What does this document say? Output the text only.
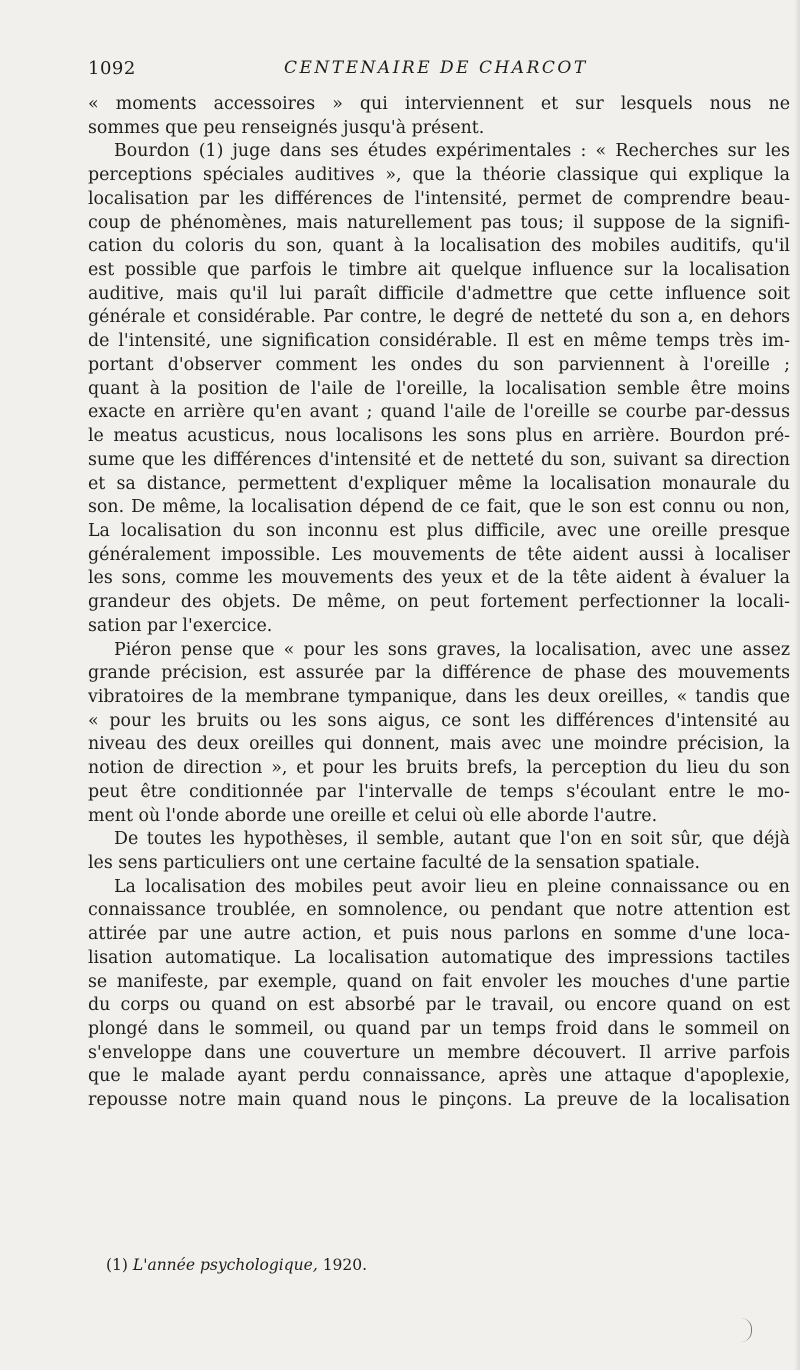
1092	CENTENAIRE DE CHARCOT
« moments accessoires » qui interviennent et sur lesquels nous ne
sommes que peu renseignés jusqu'à présent.
Bourdon (1) juge dans ses études expérimentales : « Recherches sur les
perceptions spéciales auditives », que la théorie classique qui explique la
localisation par les différences de l'intensité, permet de comprendre beau-
coup de phénomènes, mais naturellement pas tous; il suppose de la signifi-
cation du coloris du son, quant à la localisation des mobiles auditifs, qu'il
est possible que parfois le timbre ait quelque influence sur la localisation
auditive, mais qu'il lui paraît difficile d'admettre que cette influence soit
générale et considérable. Par contre, le degré de netteté du son a, en dehors
de l'intensité, une signification considérable. Il est en même temps très im-
portant d'observer comment les ondes du son parviennent à l'oreille ;
quant à la position de l'aile de l'oreille, la localisation semble être moins
exacte en arrière qu'en avant ; quand l'aile de l'oreille se courbe par-dessus
le meatus acusticus, nous localisons les sons plus en arrière. Bourdon pré-
sume que les différences d'intensité et de netteté du son, suivant sa direction
et sa distance, permettent d'expliquer même la localisation monaurale du
son. De même, la localisation dépend de ce fait, que le son est connu ou non,
La localisation du son inconnu est plus difficile, avec une oreille presque
généralement impossible. Les mouvements de tête aident aussi à localiser
les sons, comme les mouvements des yeux et de la tête aident à évaluer la
grandeur des objets. De même, on peut fortement perfectionner la locali-
sation par l'exercice.
Piéron pense que « pour les sons graves, la localisation, avec une assez
grande précision, est assurée par la différence de phase des mouvements
vibratoires de la membrane tympanique, dans les deux oreilles, « tandis que
« pour les bruits ou les sons aigus, ce sont les différences d'intensité au
niveau des deux oreilles qui donnent, mais avec une moindre précision, la
notion de direction », et pour les bruits brefs, la perception du lieu du son
peut être conditionnée par l'intervalle de temps s'écoulant entre le mo-
ment où l'onde aborde une oreille et celui où elle aborde l'autre.
De toutes les hypothèses, il semble, autant que l'on en soit sûr, que déjà
les sens particuliers ont une certaine faculté de la sensation spatiale.
La localisation des mobiles peut avoir lieu en pleine connaissance ou en
connaissance troublée, en somnolence, ou pendant que notre attention est
attirée par une autre action, et puis nous parlons en somme d'une loca-
lisation automatique. La localisation automatique des impressions tactiles
se manifeste, par exemple, quand on fait envoler les mouches d'une partie
du corps ou quand on est absorbé par le travail, ou encore quand on est
plongé dans le sommeil, ou quand par un temps froid dans le sommeil on
s'enveloppe dans une couverture un membre découvert. Il arrive parfois
que le malade ayant perdu connaissance, après une attaque d'apoplexie,
repousse notre main quand nous le pinçons. La preuve de la localisation
(1) L'année psychologique, 1920.
